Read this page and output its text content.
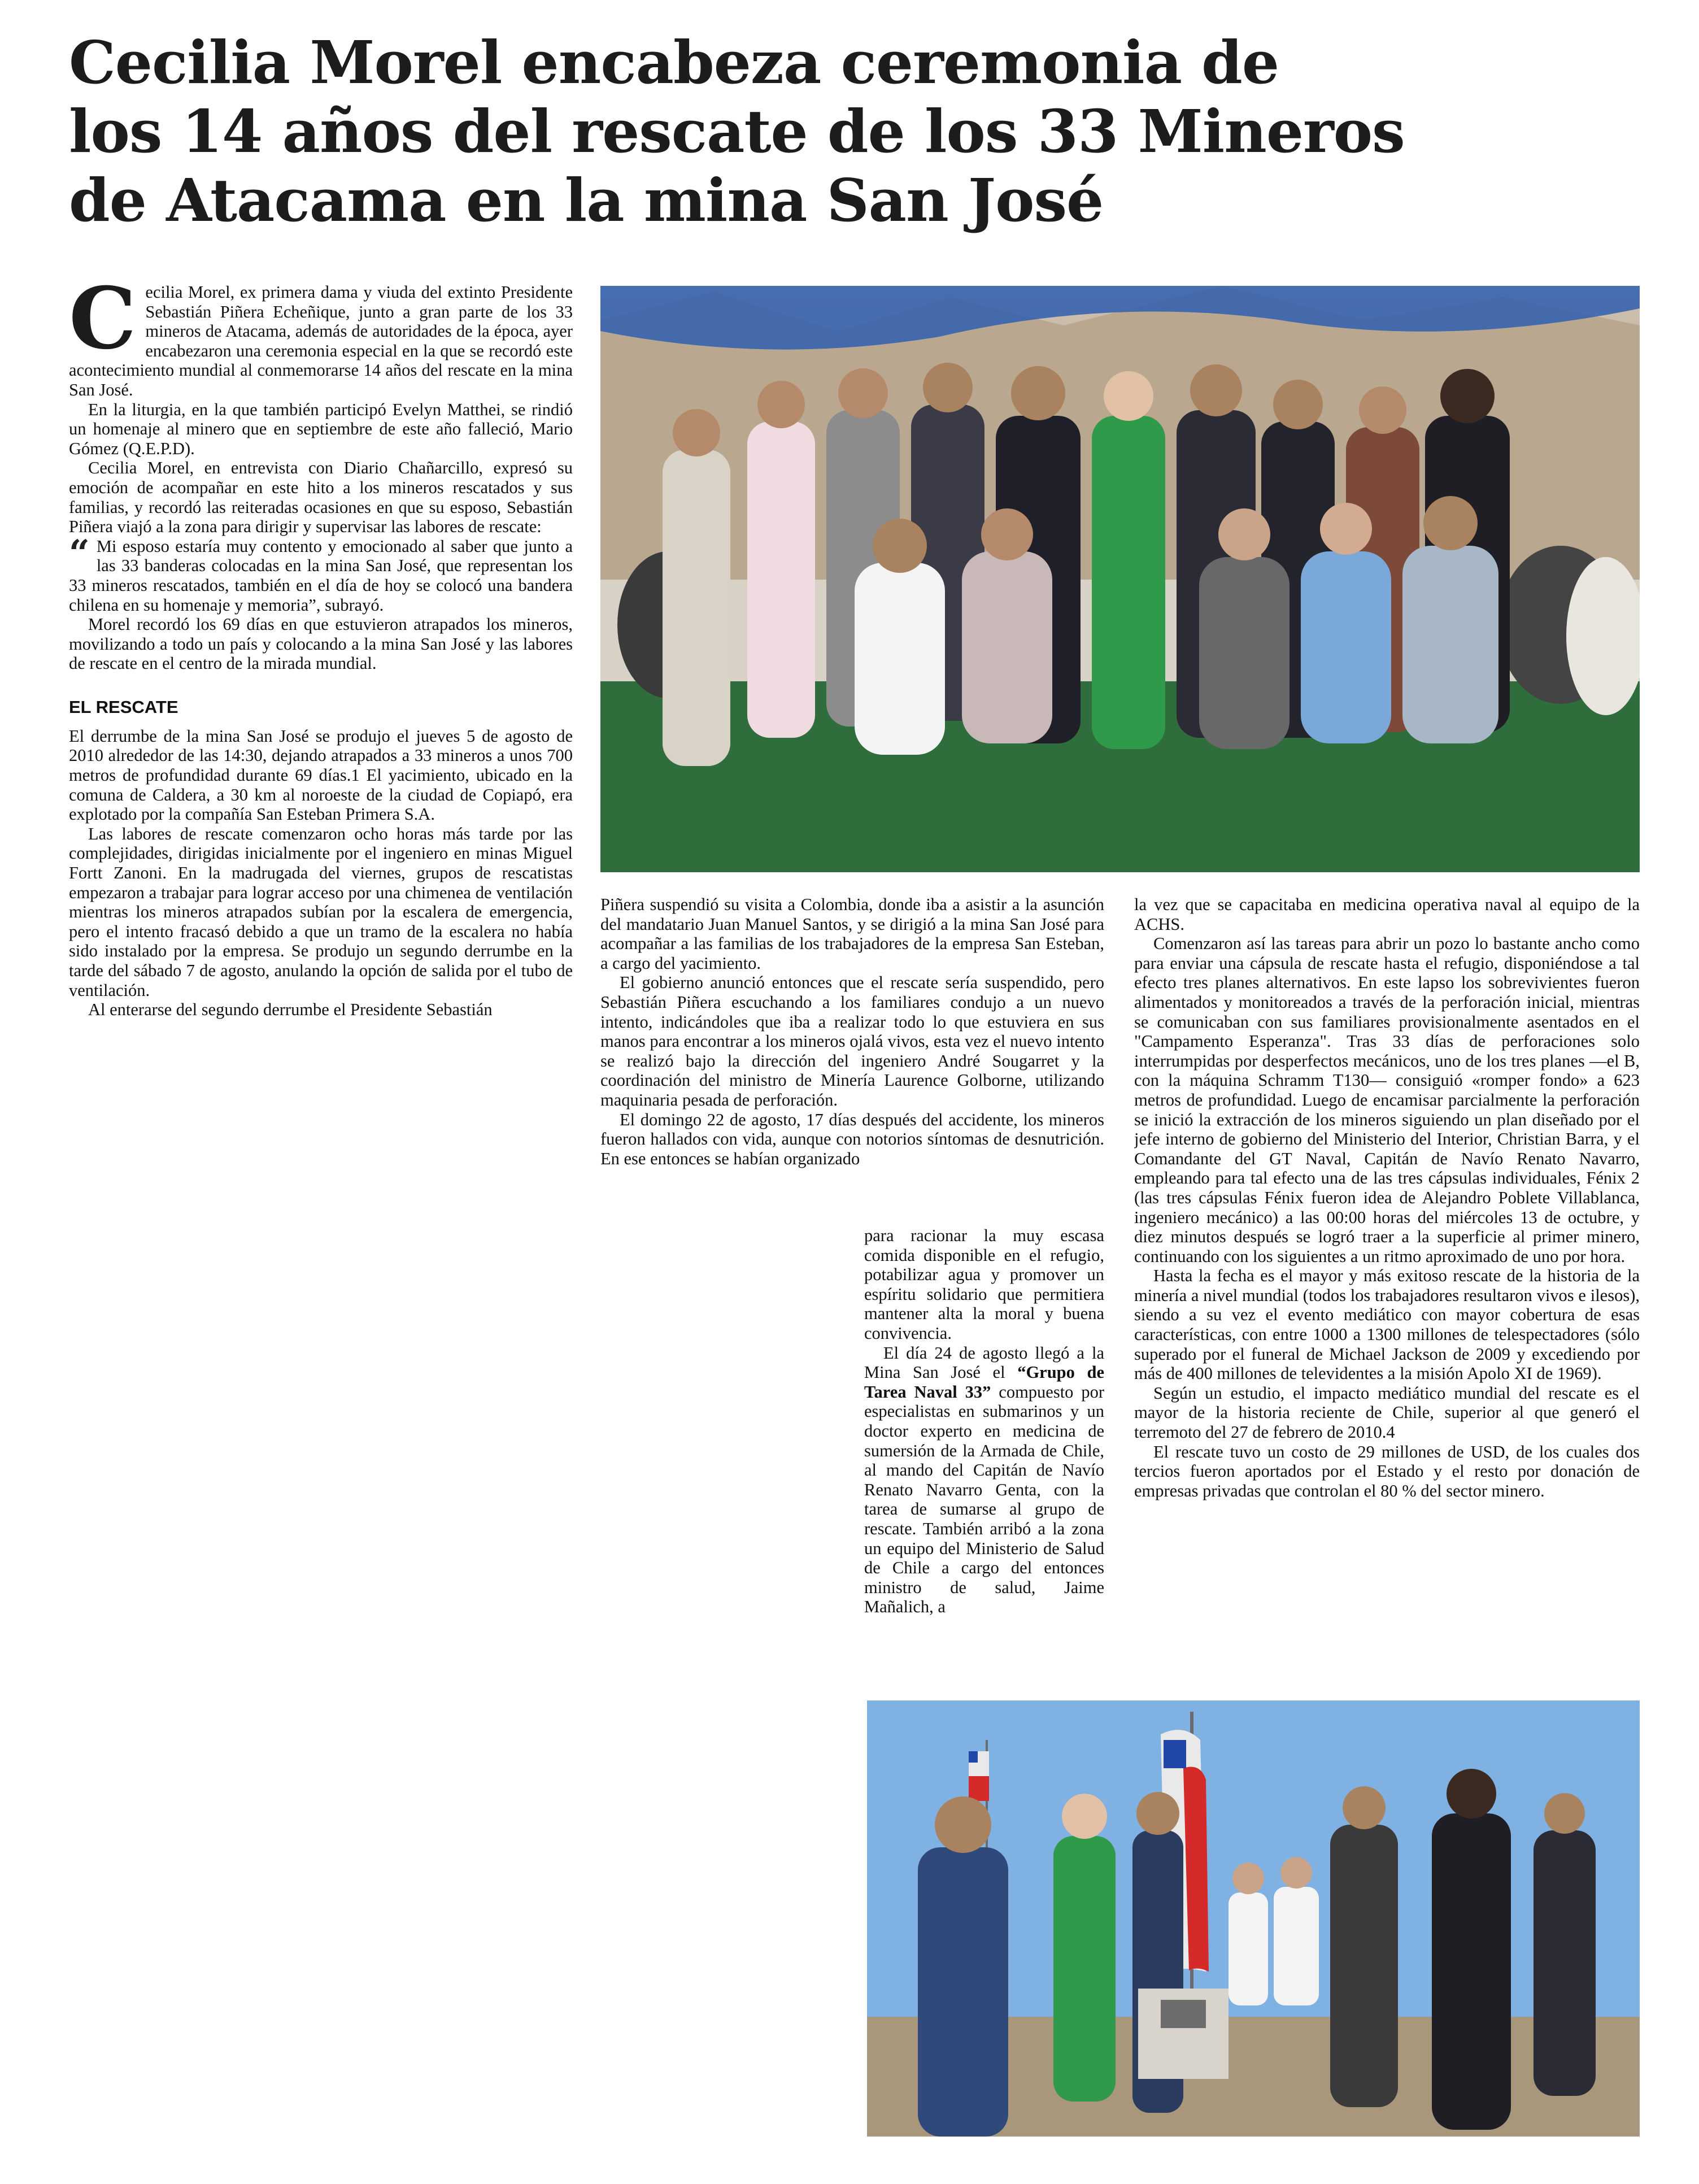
Cecilia Morel encabeza ceremonia de
los 14 años del rescate de los 33 Mineros
de Atacama en la mina San José
C ecilia Morel, ex primera dama y viuda del extinto Presidente Sebastián Piñera Echeñique, junto a gran parte de los 33 mineros de Atacama, además de autoridades de la época, ayer encabezaron una ceremonia especial en la que se recordó este acontecimiento mundial al conmemorarse 14 años del rescate en la mina San José.

En la liturgia, en la que también participó Evelyn Matthei, se rindió un homenaje al minero que en septiembre de este año falleció, Mario Gómez (Q.E.P.D).

Cecilia Morel, en entrevista con Diario Chañarcillo, expresó su emoción de acompañar en este hito a los mineros rescatados y sus familias, y recordó las reiteradas ocasiones en que su esposo, Sebastián Piñera viajó a la zona para dirigir y supervisar las labores de rescate:

“ Mi esposo estaría muy contento y emocionado al saber que junto a las 33 banderas colocadas en la mina San José, que representan los 33 mineros rescatados, también en el día de hoy se colocó una bandera chilena en su homenaje y memoria”, subrayó.

Morel recordó los 69 días en que estuvieron atrapados los mineros, movilizando a todo un país y colocando a la mina San José y las labores de rescate en el centro de la mirada mundial.

EL RESCATE

El derrumbe de la mina San José se produjo el jueves 5 de agosto de 2010 alrededor de las 14:30, dejando atrapados a 33 mineros a unos 700 metros de profundidad durante 69 días.1 El yacimiento, ubicado en la comuna de Caldera, a 30 km al noroeste de la ciudad de Copiapó, era explotado por la compañía San Esteban Primera S.A.

Las labores de rescate comenzaron ocho horas más tarde por las complejidades, dirigidas inicialmente por el ingeniero en minas Miguel Fortt Zanoni. En la madrugada del viernes, grupos de rescatistas empezaron a trabajar para lograr acceso por una chimenea de ventilación mientras los mineros atrapados subían por la escalera de emergencia, pero el intento fracasó debido a que un tramo de la escalera no había sido instalado por la empresa. Se produjo un segundo derrumbe en la tarde del sábado 7 de agosto, anulando la opción de salida por el tubo de ventilación.

Al enterarse del segundo derrumbe el Presidente Sebastián

Piñera suspendió su visita a Colombia, donde iba a asistir a la asunción del mandatario Juan Manuel Santos, y se dirigió a la mina San José para acompañar a las familias de los trabajadores de la empresa San Esteban, a cargo del yacimiento.

El gobierno anunció entonces que el rescate sería suspendido, pero Sebastián Piñera escuchando a los familiares condujo a un nuevo intento, indicándoles que iba a realizar todo lo que estuviera en sus manos para encontrar a los mineros ojalá vivos, esta vez el nuevo intento se realizó bajo la dirección del ingeniero André Sougarret y la coordinación del ministro de Minería Laurence Golborne, utilizando maquinaria pesada de perforación.

El domingo 22 de agosto, 17 días después del accidente, los mineros fueron hallados con vida, aunque con notorios síntomas de desnutrición. En ese entonces se habían organizado

para racionar la muy escasa comida disponible en el refugio, potabilizar agua y promover un espíritu solidario que permitiera mantener alta la moral y buena convivencia.

El día 24 de agosto llegó a la Mina San José el “Grupo de Tarea Naval 33” compuesto por especialistas en submarinos y un doctor experto en medicina de sumersión de la Armada de Chile, al mando del Capitán de Navío Renato Navarro Genta, con la tarea de sumarse al grupo de rescate. También arribó a la zona un equipo del Ministerio de Salud de Chile a cargo del entonces ministro de salud, Jaime Mañalich, a

la vez que se capacitaba en medicina operativa naval al equipo de la ACHS.

Comenzaron así las tareas para abrir un pozo lo bastante ancho como para enviar una cápsula de rescate hasta el refugio, disponiéndose a tal efecto tres planes alternativos. En este lapso los sobrevivientes fueron alimentados y monitoreados a través de la perforación inicial, mientras se comunicaban con sus familiares provisionalmente asentados en el "Campamento Esperanza". Tras 33 días de perforaciones solo interrumpidas por desperfectos mecánicos, uno de los tres planes —el B, con la máquina Schramm T130— consiguió «romper fondo» a 623 metros de profundidad. Luego de encamisar parcialmente la perforación se inició la extracción de los mineros siguiendo un plan diseñado por el jefe interno de gobierno del Ministerio del Interior, Christian Barra, y el Comandante del GT Naval, Capitán de Navío Renato Navarro, empleando para tal efecto una de las tres cápsulas individuales, Fénix 2 (las tres cápsulas Fénix fueron idea de Alejandro Poblete Villablanca, ingeniero mecánico) a las 00:00 horas del miércoles 13 de octubre, y diez minutos después se logró traer a la superficie al primer minero, continuando con los siguientes a un ritmo aproximado de uno por hora.

Hasta la fecha es el mayor y más exitoso rescate de la historia de la minería a nivel mundial (todos los trabajadores resultaron vivos e ilesos), siendo a su vez el evento mediático con mayor cobertura de esas características, con entre 1000 a 1300 millones de telespectadores (sólo superado por el funeral de Michael Jackson de 2009 y excediendo por más de 400 millones de televidentes a la misión Apolo XI de 1969).

Según un estudio, el impacto mediático mundial del rescate es el mayor de la historia reciente de Chile, superior al que generó el terremoto del 27 de febrero de 2010.4

El rescate tuvo un costo de 29 millones de USD, de los cuales dos tercios fueron aportados por el Estado y el resto por donación de empresas privadas que controlan el 80 % del sector minero.
